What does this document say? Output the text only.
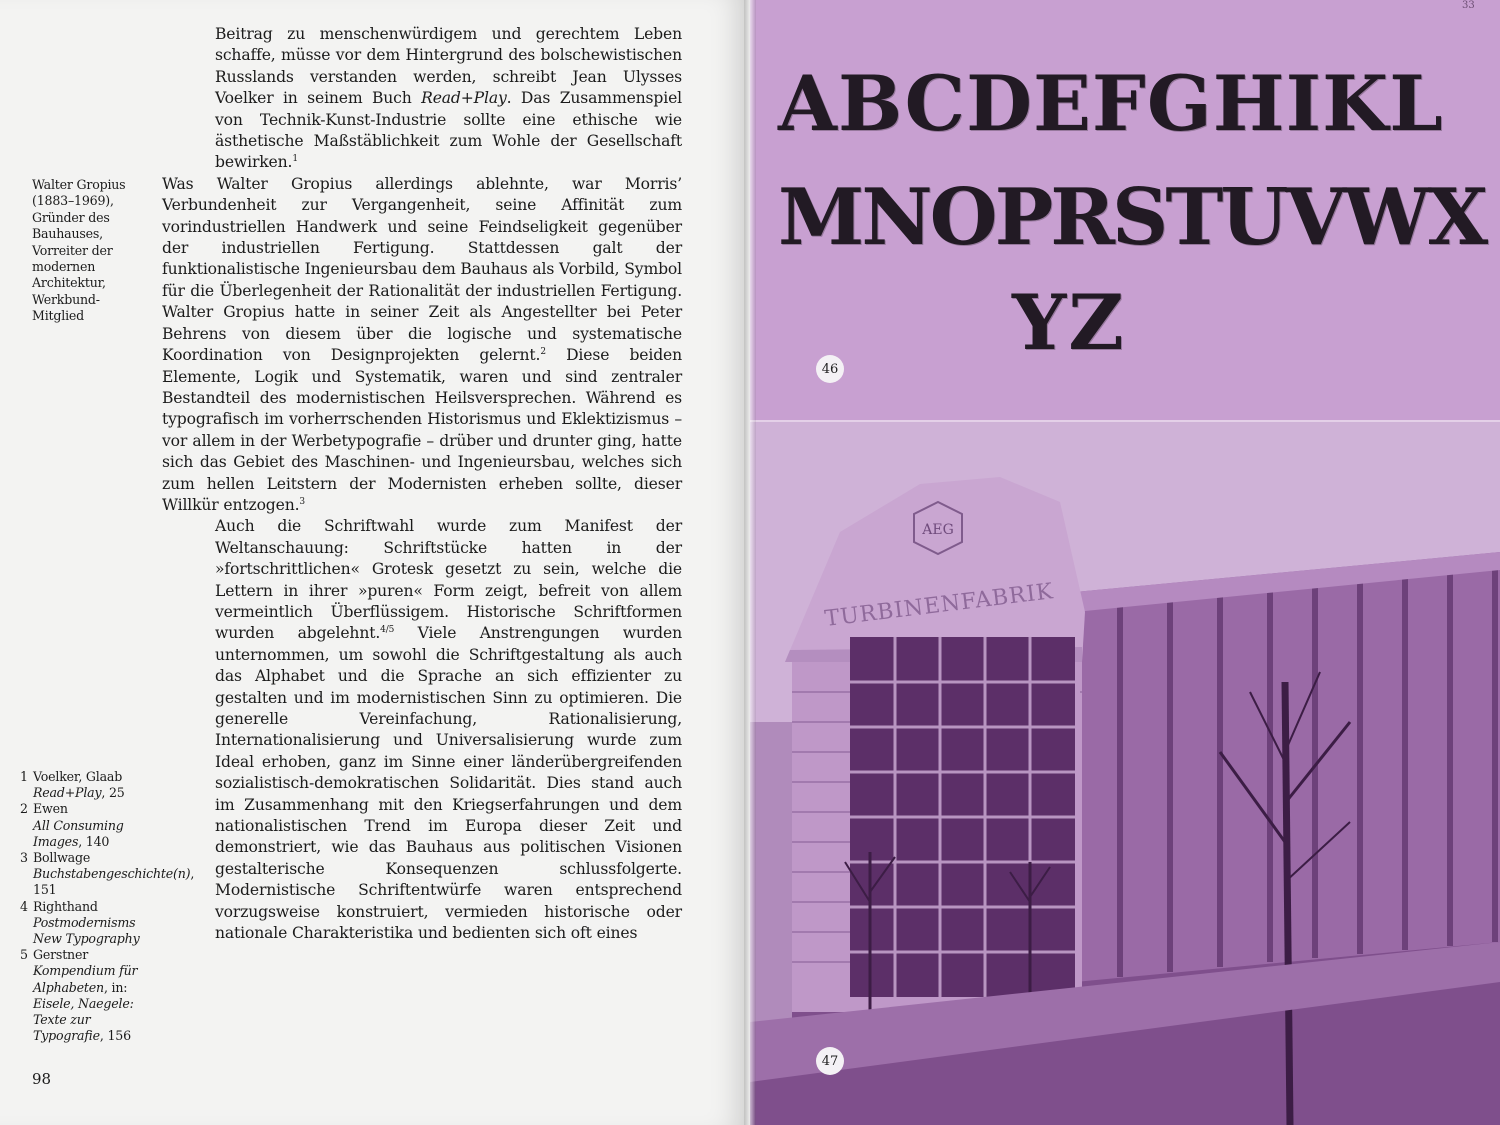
Beitrag zu menschenwürdigem und gerechtem Leben schaffe, müsse vor dem Hintergrund des bolschewistischen Russlands verstanden werden, schreibt Jean Ulysses Voelker in seinem Buch Read+Play. Das Zusammenspiel von Technik-Kunst-Industrie sollte eine ethische wie ästhetische Maßstäblichkeit zum Wohle der Gesellschaft bewirken.$^1$

Was Walter Gropius allerdings ablehnte, war Morris’ Verbundenheit zur Vergangenheit, seine Affinität zum vorindustriellen Handwerk und seine Feindseligkeit gegenüber der industriellen Fertigung. Stattdessen galt der funktionalistische Ingenieursbau dem Bauhaus als Vorbild, Symbol für die Überlegenheit der Rationalität der industriellen Fertigung. Walter Gropius hatte in seiner Zeit als Angestellter bei Peter Behrens von diesem über die logische und systematische Koordination von Designprojekten gelernt.$^2$ Diese beiden Elemente, Logik und Systematik, waren und sind zentraler Bestandteil des modernistischen Heilsversprechen. Während es typografisch im vorherrschenden Historismus und Eklektizismus – vor allem in der Werbetypografie – drüber und drunter ging, hatte sich das Gebiet des Maschinen- und Ingenieursbau, welches sich zum hellen Leitstern der Modernisten erheben sollte, dieser Willkür entzogen.$^3$

Auch die Schriftwahl wurde zum Manifest der Weltanschauung: Schriftstücke hatten in der »fortschrittlichen« Grotesk gesetzt zu sein, welche die Lettern in ihrer »puren« Form zeigt, befreit von allem vermeintlich Überflüssigem. Historische Schriftformen wurden abgelehnt.$^{4/5}$ Viele Anstrengungen wurden unternommen, um sowohl die Schriftgestaltung als auch das Alphabet und die Sprache an sich effizienter zu gestalten und im modernistischen Sinn zu optimieren. Die generelle Vereinfachung, Rationalisierung, Internationalisierung und Universalisierung wurde zum Ideal erhoben, ganz im Sinne einer länderübergreifenden sozialistisch-demokratischen Solidarität. Dies stand auch im Zusammenhang mit den Kriegserfahrungen und dem nationalistischen Trend im Europa dieser Zeit und demonstriert, wie das Bauhaus aus politischen Visionen gestalterische Konsequenzen schlussfolgerte. Modernistische Schriftentwürfe waren entsprechend vorzugsweise konstruiert, vermieden historische oder nationale Charakteristika und bedienten sich oft eines

Walter Gropius (1883–1969), Gründer des Bauhauses, Vorreiter der modernen Architektur, Werkbund-Mitglied
1 Voelker, Glaab
Read+Play, 25
2 Ewen
All Consuming Images, 140
3 Bollwage
Buchstabengeschichte(n), 151
4 Righthand
Postmodernisms New Typography
5 Gerstner
Kompendium für Alphabeten, in:
Eisele, Naegele: Texte zur Typografie, 156
98
ABCDEFGHIKL
MNOPRSTUVWX
YZ
AEG
TURBINENFABRIK
33
46
47
